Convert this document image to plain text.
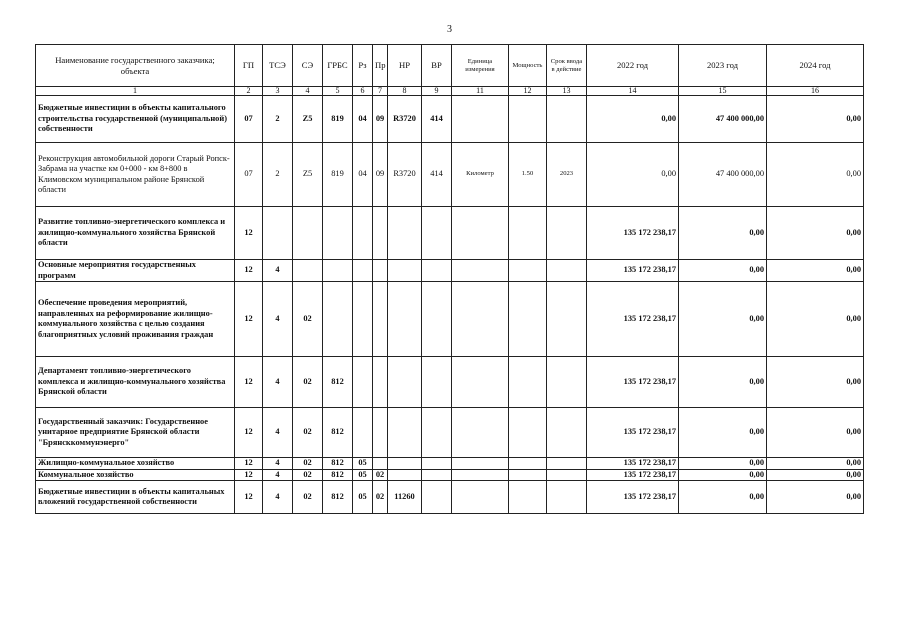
3
Наименование государственного заказчика;
объекта	ГП	ТСЭ	СЭ	ГРБС	Рз	Пр	НР	ВР	Единица измерения	Мощность	Срок ввода в действие	2022 год	2023 год	2024 год
1	2	3	4	5	6	7	8	9	11	12	13	14	15	16
Бюджетные инвестиции в объекты капитального строительства государственной (муниципальной) собственности	07	2	Z5	819	04	09	R3720	414				0,00	47 400 000,00	0,00
Реконструкция автомобильной дороги Старый Ропск-Забрама на участке км 0+000 - км 8+800 в Климовском муниципальном районе Брянской области	07	2	Z5	819	04	09	R3720	414	Километр	1.50	2023	0,00	47 400 000,00	0,00
Развитие топливно-энергетического комплекса и жилищно-коммунального хозяйства Брянской области	12											135 172 238,17	0,00	0,00
Основные мероприятия государственных программ	12	4										135 172 238,17	0,00	0,00
Обеспечение проведения мероприятий, направленных на реформирование жилищно-коммунального хозяйства с целью создания благоприятных условий проживания граждан	12	4	02									135 172 238,17	0,00	0,00
Департамент топливно-энергетического комплекса и жилищно-коммунального хозяйства Брянской области	12	4	02	812								135 172 238,17	0,00	0,00
Государственный заказчик: Государственное унитарное предприятие Брянской области "Брянсккоммунэнерго"	12	4	02	812								135 172 238,17	0,00	0,00
Жилищно-коммунальное хозяйство	12	4	02	812	05							135 172 238,17	0,00	0,00
Коммунальное хозяйство	12	4	02	812	05	02						135 172 238,17	0,00	0,00
Бюджетные инвестиции в объекты капитальных вложений государственной собственности	12	4	02	812	05	02	11260					135 172 238,17	0,00	0,00
